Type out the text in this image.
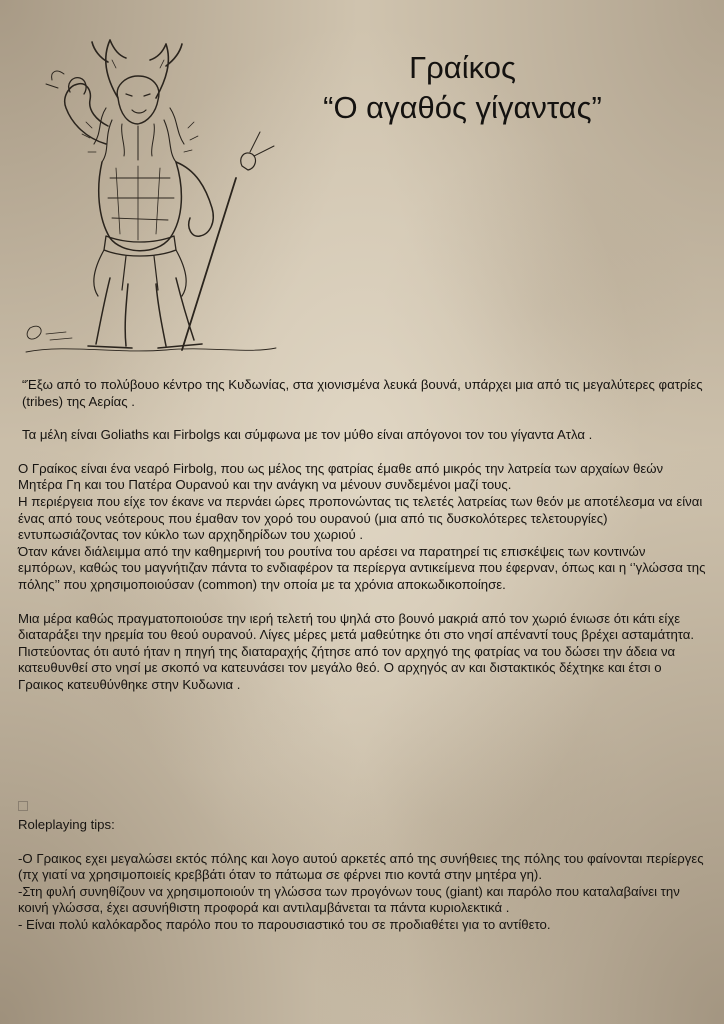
Γραίκος
“Ο αγαθός γίγαντας”

“Έξω από το πολύβουο κέντρο της Κυδωνίας, στα χιονισμένα λευκά βουνά, υπάρχει μια από τις μεγαλύτερες φατρίες (tribes) της Αερίας .

Τα μέλη είναι Goliaths και Firbolgs και σύμφωνα με τον μύθο είναι απόγονοι τον του γίγαντα Ατλα .

Ο Γραίκος είναι ένα νεαρό Firbolg, που ως μέλος της φατρίας έμαθε από μικρός την λατρεία των αρχαίων θεών Μητέρα Γη και του Πατέρα Ουρανού και την ανάγκη να μένουν συνδεμένοι μαζί τους.

Η περιέργεια που είχε τον έκανε να περνάει ώρες προπονώντας τις τελετές λατρείας των θεόν με αποτέλεσμα να είναι ένας από τους νεότερους που έμαθαν τον χορό του ουρανού (μια από τις δυσκολότερες τελετουργίες) εντυπωσιάζοντας τον κύκλο των αρχηδηρίδων του χωριού .

Όταν κάνει διάλειμμα από την καθημερινή του ρουτίνα του αρέσει να παρατηρεί τις επισκέψεις των κοντινών εμπόρων, καθώς του μαγνήτιζαν πάντα το ενδιαφέρον τα περίεργα αντικείμενα που έφερναν, όπως και η ‘’γλώσσα της πόλης’’ που χρησιμοποιούσαν (common) την οποία με τα χρόνια αποκωδικοποίησε.

Μια μέρα καθώς πραγματοποιούσε την ιερή τελετή του ψηλά στο βουνό μακριά από τον χωριό ένιωσε ότι κάτι είχε διαταράξει την ηρεμία του θεού ουρανού. Λίγες μέρες μετά μαθεύτηκε ότι στο νησί απέναντί τους βρέχει ασταμάτητα. Πιστεύοντας ότι αυτό ήταν η πηγή της διαταραχής ζήτησε από τον αρχηγό της φατρίας να του δώσει την άδεια να κατευθυνθεί στο νησί με σκοπό να κατευνάσει τον μεγάλο θεό. Ο αρχηγός αν και διστακτικός δέχτηκε και έτσι ο Γραικος κατευθύνθηκε στην Κυδωνια .

Roleplaying tips:

-Ο Γραικος εχει μεγαλώσει εκτός πόλης και λογο αυτού αρκετές από της συνήθειες της πόλης του φαίνονται περίεργες (πχ γιατί να χρησιμοποιείς κρεββάτι όταν το πάτωμα σε φέρνει πιο κοντά στην μητέρα γη).

-Στη φυλή συνηθίζουν να χρησιμοποιούν τη γλώσσα των προγόνων τους (giant) και παρόλο που καταλαβαίνει την κοινή γλώσσα, έχει ασυνήθιστη προφορά και αντιλαμβάνεται τα πάντα κυριολεκτικά .

- Είναι πολύ καλόκαρδος παρόλο που το παρουσιαστικό του σε προδιαθέτει για το αντίθετο.
